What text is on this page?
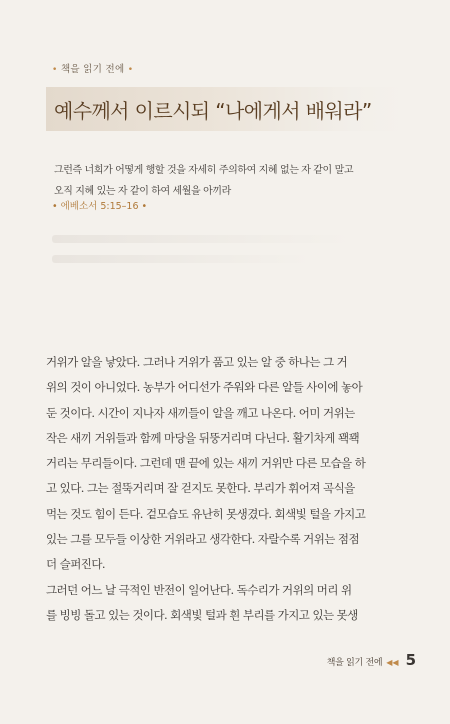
• 책을 읽기 전에 •
예수께서 이르시되 “나에게서 배워라”
그런즉 너희가 어떻게 행할 것을 자세히 주의하여 지혜 없는 자 같이 말고
오직 지혜 있는 자 같이 하여 세월을 아끼라
• 에베소서 5:15–16 •
거위가 알을 낳았다. 그러나 거위가 품고 있는 알 중 하나는 그 거
위의 것이 아니었다. 농부가 어디선가 주워와 다른 알들 사이에 놓아
둔 것이다. 시간이 지나자 새끼들이 알을 깨고 나온다. 어미 거위는
작은 새끼 거위들과 함께 마당을 뒤뚱거리며 다닌다. 활기차게 꽥꽥
거리는 무리들이다. 그런데 맨 끝에 있는 새끼 거위만 다른 모습을 하
고 있다. 그는 절뚝거리며 잘 걷지도 못한다. 부리가 휘어져 곡식을
먹는 것도 힘이 든다. 겉모습도 유난히 못생겼다. 회색빛 털을 가지고
있는 그를 모두들 이상한 거위라고 생각한다. 자랄수록 거위는 점점
더 슬퍼진다.
그러던 어느 날 극적인 반전이 일어난다. 독수리가 거위의 머리 위
를 빙빙 돌고 있는 것이다. 회색빛 털과 흰 부리를 가지고 있는 못생
책을 읽기 전에 ◀◀ 5
